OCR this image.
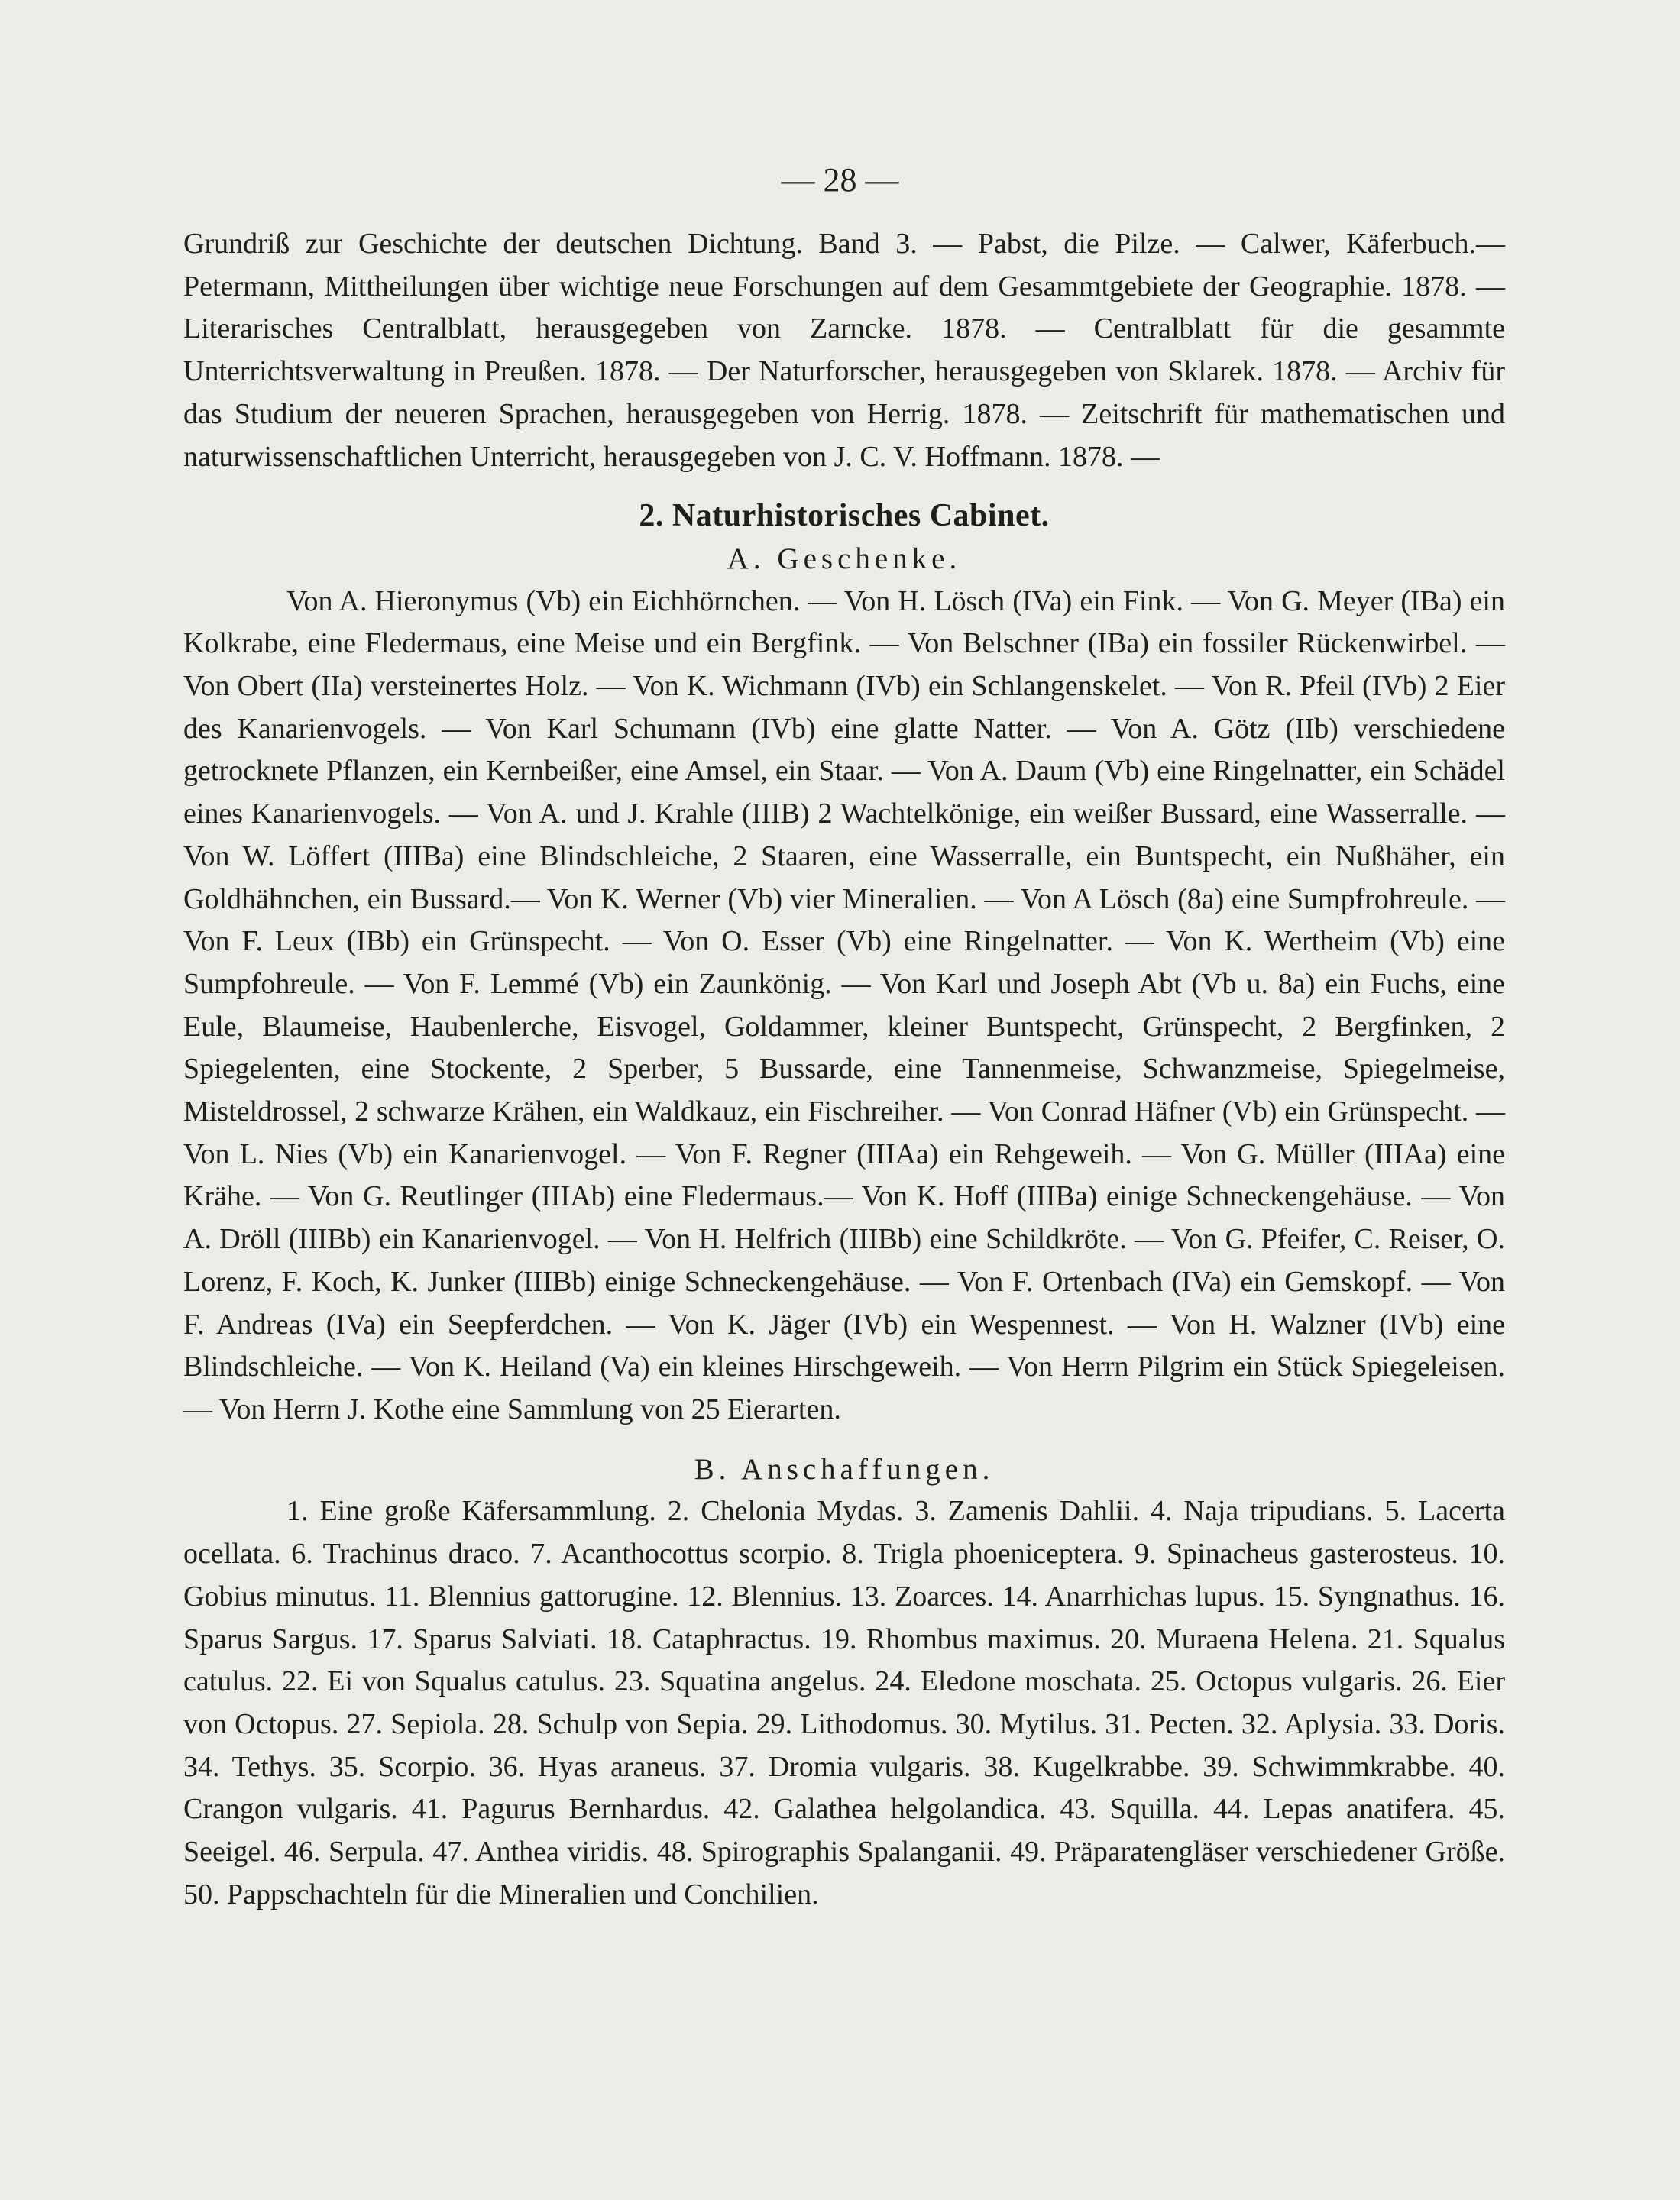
— 28 —

Grundriß zur Geschichte der deutschen Dichtung. Band 3. — Pabst, die Pilze. — Calwer, Käferbuch.— Petermann, Mittheilungen über wichtige neue Forschungen auf dem Gesammtgebiete der Geographie. 1878. — Literarisches Centralblatt, herausgegeben von Zarncke. 1878. — Centralblatt für die gesammte Unterrichtsverwaltung in Preußen. 1878. — Der Naturforscher, herausgegeben von Sklarek. 1878. — Archiv für das Studium der neueren Sprachen, herausgegeben von Herrig. 1878. — Zeitschrift für mathematischen und naturwissenschaftlichen Unterricht, herausgegeben von J. C. V. Hoffmann. 1878. —

2. Naturhistorisches Cabinet.

A. Geschenke.

Von A. Hieronymus (Vb) ein Eichhörnchen. — Von H. Lösch (IVa) ein Fink. — Von G. Meyer (IBa) ein Kolkrabe, eine Fledermaus, eine Meise und ein Bergfink. — Von Belschner (IBa) ein fossiler Rückenwirbel. — Von Obert (IIa) versteinertes Holz. — Von K. Wichmann (IVb) ein Schlangenskelet. — Von R. Pfeil (IVb) 2 Eier des Kanarienvogels. — Von Karl Schumann (IVb) eine glatte Natter. — Von A. Götz (IIb) verschiedene getrocknete Pflanzen, ein Kernbeißer, eine Amsel, ein Staar. — Von A. Daum (Vb) eine Ringelnatter, ein Schädel eines Kanarienvogels. — Von A. und J. Krahle (IIIB) 2 Wachtelkönige, ein weißer Bussard, eine Wasserralle. — Von W. Löffert (IIIBa) eine Blindschleiche, 2 Staaren, eine Wasserralle, ein Buntspecht, ein Nußhäher, ein Goldhähnchen, ein Bussard.— Von K. Werner (Vb) vier Mineralien. — Von A Lösch (8a) eine Sumpfrohreule. — Von F. Leux (IBb) ein Grünspecht. — Von O. Esser (Vb) eine Ringelnatter. — Von K. Wertheim (Vb) eine Sumpfohreule. — Von F. Lemmé (Vb) ein Zaunkönig. — Von Karl und Joseph Abt (Vb u. 8a) ein Fuchs, eine Eule, Blaumeise, Haubenlerche, Eisvogel, Goldammer, kleiner Buntspecht, Grünspecht, 2 Bergfinken, 2 Spiegelenten, eine Stockente, 2 Sperber, 5 Bussarde, eine Tannenmeise, Schwanzmeise, Spiegelmeise, Misteldrossel, 2 schwarze Krähen, ein Waldkauz, ein Fischreiher. — Von Conrad Häfner (Vb) ein Grünspecht. — Von L. Nies (Vb) ein Kanarienvogel. — Von F. Regner (IIIAa) ein Rehgeweih. — Von G. Müller (IIIAa) eine Krähe. — Von G. Reutlinger (IIIAb) eine Fledermaus.— Von K. Hoff (IIIBa) einige Schneckengehäuse. — Von A. Dröll (IIIBb) ein Kanarienvogel. — Von H. Helfrich (IIIBb) eine Schildkröte. — Von G. Pfeifer, C. Reiser, O. Lorenz, F. Koch, K. Junker (IIIBb) einige Schneckengehäuse. — Von F. Ortenbach (IVa) ein Gemskopf. — Von F. Andreas (IVa) ein Seepferdchen. — Von K. Jäger (IVb) ein Wespennest. — Von H. Walzner (IVb) eine Blindschleiche. — Von K. Heiland (Va) ein kleines Hirschgeweih. — Von Herrn Pilgrim ein Stück Spiegeleisen. — Von Herrn J. Kothe eine Sammlung von 25 Eierarten.

B. Anschaffungen.

1. Eine große Käfersammlung. 2. Chelonia Mydas. 3. Zamenis Dahlii. 4. Naja tripudians. 5. Lacerta ocellata. 6. Trachinus draco. 7. Acanthocottus scorpio. 8. Trigla phoeniceptera. 9. Spinacheus gasterosteus. 10. Gobius minutus. 11. Blennius gattorugine. 12. Blennius. 13. Zoarces. 14. Anarrhichas lupus. 15. Syngnathus. 16. Sparus Sargus. 17. Sparus Salviati. 18. Cataphractus. 19. Rhombus maximus. 20. Muraena Helena. 21. Squalus catulus. 22. Ei von Squalus catulus. 23. Squatina angelus. 24. Eledone moschata. 25. Octopus vulgaris. 26. Eier von Octopus. 27. Sepiola. 28. Schulp von Sepia. 29. Lithodomus. 30. Mytilus. 31. Pecten. 32. Aplysia. 33. Doris. 34. Tethys. 35. Scorpio. 36. Hyas araneus. 37. Dromia vulgaris. 38. Kugelkrabbe. 39. Schwimmkrabbe. 40. Crangon vulgaris. 41. Pagurus Bernhardus. 42. Galathea helgolandica. 43. Squilla. 44. Lepas anatifera. 45. Seeigel. 46. Serpula. 47. Anthea viridis. 48. Spirographis Spalanganii. 49. Präparatengläser verschiedener Größe. 50. Pappschachteln für die Mineralien und Conchilien.
